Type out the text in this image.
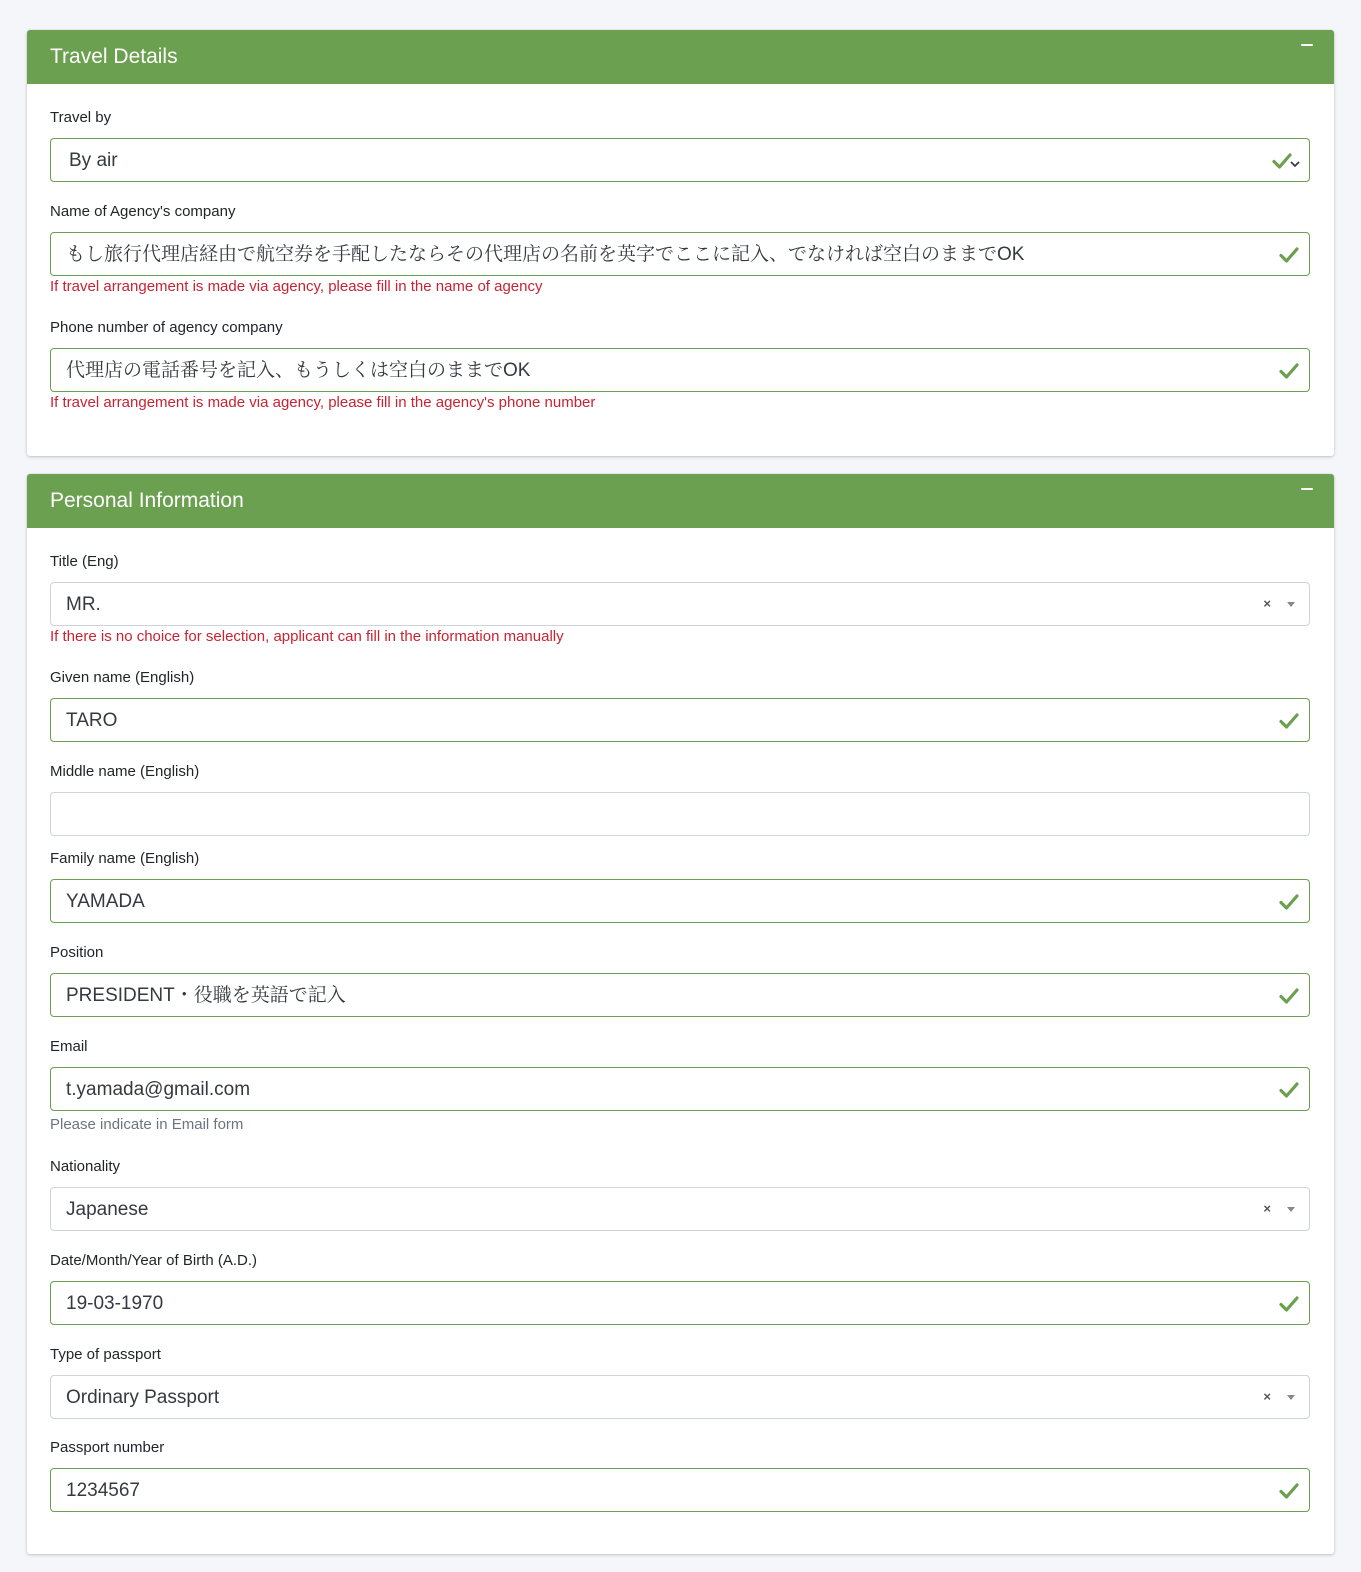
Travel Details
Travel by
By air
Name of Agency's company
もし旅行代理店経由で航空券を手配したならその代理店の名前を英字でここに記入、でなければ空白のままでOK
If travel arrangement is made via agency, please fill in the name of agency
Phone number of agency company
代理店の電話番号を記入、もうしくは空白のままでOK
If travel arrangement is made via agency, please fill in the agency's phone number
Personal Information
Title (Eng)
MR.	×
If there is no choice for selection, applicant can fill in the information manually
Given name (English)
TARO
Middle name (English)
Family name (English)
YAMADA
Position
PRESIDENT・役職を英語で記入
Email
t.yamada@gmail.com
Please indicate in Email form
Nationality
Japanese	×
Date/Month/Year of Birth (A.D.)
19-03-1970
Type of passport
Ordinary Passport	×
Passport number
1234567
